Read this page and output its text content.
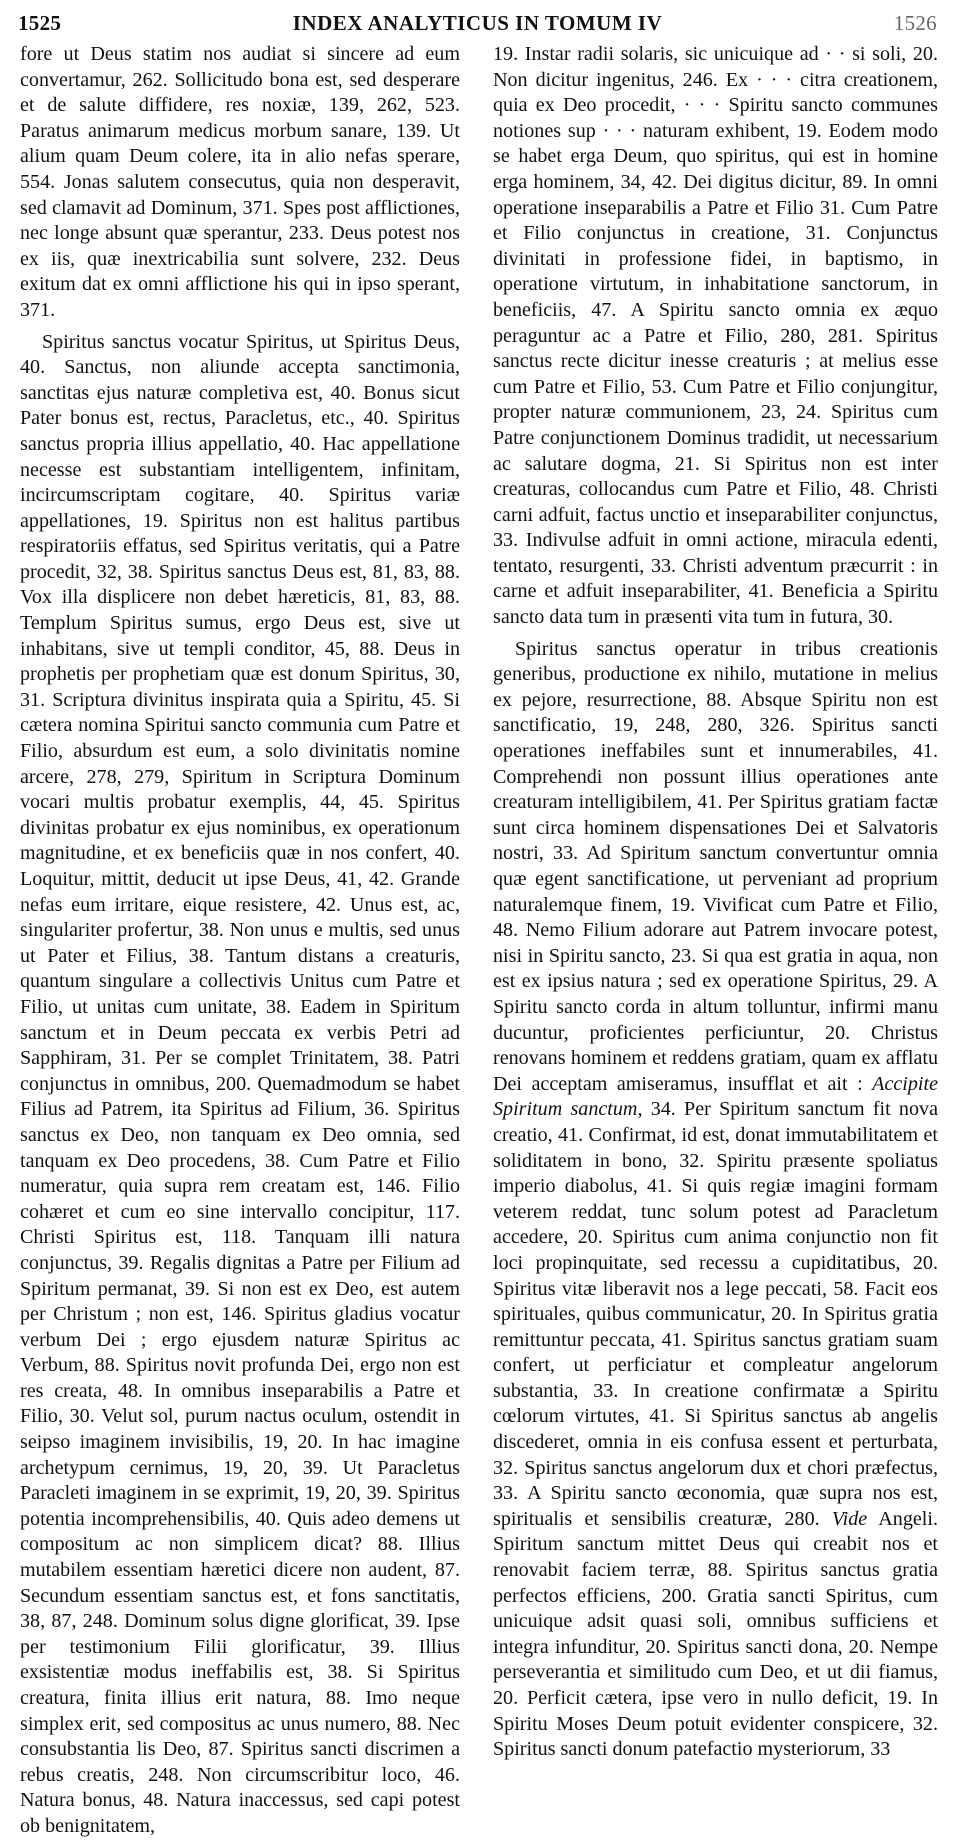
1525	INDEX ANALYTICUS IN TOMUM IV	1526

fore ut Deus statim nos audiat si sincere ad eum convertamur, 262. Sollicitudo bona est, sed desperare et de salute diffidere, res noxiæ, 139, 262, 523. Paratus animarum medicus morbum sanare, 139. Ut alium quam Deum colere, ita in alio nefas sperare, 554. Jonas salutem consecutus, quia non desperavit, sed clamavit ad Dominum, 371. Spes post afflictiones, nec longe absunt quæ sperantur, 233. Deus potest nos ex iis, quæ inextricabilia sunt solvere, 232. Deus exitum dat ex omni afflictione his qui in ipso sperant, 371.

Spiritus sanctus vocatur Spiritus, ut Spiritus Deus, 40. Sanctus, non aliunde accepta sanctimonia, sanctitas ejus naturæ completiva est, 40. Bonus sicut Pater bonus est, rectus, Paracletus, etc., 40. Spiritus sanctus propria illius appellatio, 40. Hac appellatione necesse est substantiam intelligentem, infinitam, incircumscriptam cogitare, 40. Spiritus variæ appellationes, 19. Spiritus non est halitus partibus respiratoriis effatus, sed Spiritus veritatis, qui a Patre procedit, 32, 38. Spiritus sanctus Deus est, 81, 83, 88. Vox illa displicere non debet hæreticis, 81, 83, 88. Templum Spiritus sumus, ergo Deus est, sive ut inhabitans, sive ut templi conditor, 45, 88. Deus in prophetis per prophetiam quæ est donum Spiritus, 30, 31. Scriptura divinitus inspirata quia a Spiritu, 45. Si cætera nomina Spiritui sancto communia cum Patre et Filio, absurdum est eum, a solo divinitatis nomine arcere, 278, 279, Spiritum in Scriptura Dominum vocari multis probatur exemplis, 44, 45. Spiritus divinitas probatur ex ejus nominibus, ex operationum magnitudine, et ex beneficiis quæ in nos confert, 40. Loquitur, mittit, deducit ut ipse Deus, 41, 42. Grande nefas eum irritare, eique resistere, 42. Unus est, ac, singulariter profertur, 38. Non unus e multis, sed unus ut Pater et Filius, 38. Tantum distans a creaturis, quantum singulare a collectivis Unitus cum Patre et Filio, ut unitas cum unitate, 38. Eadem in Spiritum sanctum et in Deum peccata ex verbis Petri ad Sapphiram, 31. Per se complet Trinitatem, 38. Patri conjunctus in omnibus, 200. Quemadmodum se habet Filius ad Patrem, ita Spiritus ad Filium, 36. Spiritus sanctus ex Deo, non tanquam ex Deo omnia, sed tanquam ex Deo procedens, 38. Cum Patre et Filio numeratur, quia supra rem creatam est, 146. Filio cohæret et cum eo sine intervallo concipitur, 117. Christi Spiritus est, 118. Tanquam illi natura conjunctus, 39. Regalis dignitas a Patre per Filium ad Spiritum permanat, 39. Si non est ex Deo, est autem per Christum ; non est, 146. Spiritus gladius vocatur verbum Dei ; ergo ejusdem naturæ Spiritus ac Verbum, 88. Spiritus novit profunda Dei, ergo non est res creata, 48. In omnibus inseparabilis a Patre et Filio, 30. Velut sol, purum nactus oculum, ostendit in seipso imaginem invisibilis, 19, 20. In hac imagine archetypum cernimus, 19, 20, 39. Ut Paracletus Paracleti imaginem in se exprimit, 19, 20, 39. Spiritus potentia incomprehensibilis, 40. Quis adeo demens ut compositum ac non simplicem dicat? 88. Illius mutabilem essentiam hæretici dicere non audent, 87. Secundum essentiam sanctus est, et fons sanctitatis, 38, 87, 248. Dominum solus digne glorificat, 39. Ipse per testimonium Filii glorificatur, 39. Illius exsistentiæ modus ineffabilis est, 38. Si Spiritus creatura, finita illius erit natura, 88. Imo neque simplex erit, sed compositus ac unus numero, 88. Nec consubstantia lis Deo, 87. Spiritus sancti discrimen a rebus creatis, 248. Non circumscribitur loco, 46. Natura bonus, 48. Natura inaccessus, sed capi potest ob benignitatem,

19. Instar radii solaris, sic unicuique ad · · si soli, 20. Non dicitur ingenitus, 246. Ex · · · citra creationem, quia ex Deo procedit, · · · Spiritu sancto communes notiones sup · · · naturam exhibent, 19. Eodem modo se habet erga Deum, quo spiritus, qui est in homine erga hominem, 34, 42. Dei digitus dicitur, 89. In omni operatione inseparabilis a Patre et Filio 31. Cum Patre et Filio conjunctus in creatione, 31. Conjunctus divinitati in professione fidei, in baptismo, in operatione virtutum, in inhabitatione sanctorum, in beneficiis, 47. A Spiritu sancto omnia ex æquo peraguntur ac a Patre et Filio, 280, 281. Spiritus sanctus recte dicitur inesse creaturis ; at melius esse cum Patre et Filio, 53. Cum Patre et Filio conjungitur, propter naturæ communionem, 23, 24. Spiritus cum Patre conjunctionem Dominus tradidit, ut necessarium ac salutare dogma, 21. Si Spiritus non est inter creaturas, collocandus cum Patre et Filio, 48. Christi carni adfuit, factus unctio et inseparabiliter conjunctus, 33. Indivulse adfuit in omni actione, miracula edenti, tentato, resurgenti, 33. Christi adventum præcurrit : in carne et adfuit inseparabiliter, 41. Beneficia a Spiritu sancto data tum in præsenti vita tum in futura, 30.

Spiritus sanctus operatur in tribus creationis generibus, productione ex nihilo, mutatione in melius ex pejore, resurrectione, 88. Absque Spiritu non est sanctificatio, 19, 248, 280, 326. Spiritus sancti operationes ineffabiles sunt et innumerabiles, 41. Comprehendi non possunt illius operationes ante creaturam intelligibilem, 41. Per Spiritus gratiam factæ sunt circa hominem dispensationes Dei et Salvatoris nostri, 33. Ad Spiritum sanctum convertuntur omnia quæ egent sanctificatione, ut perveniant ad proprium naturalemque finem, 19. Vivificat cum Patre et Filio, 48. Nemo Filium adorare aut Patrem invocare potest, nisi in Spiritu sancto, 23. Si qua est gratia in aqua, non est ex ipsius natura ; sed ex operatione Spiritus, 29. A Spiritu sancto corda in altum tolluntur, infirmi manu ducuntur, proficientes perficiuntur, 20. Christus renovans hominem et reddens gratiam, quam ex afflatu Dei acceptam amiseramus, insufflat et ait : Accipite Spiritum sanctum, 34. Per Spiritum sanctum fit nova creatio, 41. Confirmat, id est, donat immutabilitatem et soliditatem in bono, 32. Spiritu præsente spoliatus imperio diabolus, 41. Si quis regiæ imagini formam veterem reddat, tunc solum potest ad Paracletum accedere, 20. Spiritus cum anima conjunctio non fit loci propinquitate, sed recessu a cupiditatibus, 20. Spiritus vitæ liberavit nos a lege peccati, 58. Facit eos spirituales, quibus communicatur, 20. In Spiritus gratia remittuntur peccata, 41. Spiritus sanctus gratiam suam confert, ut perficiatur et compleatur angelorum substantia, 33. In creatione confirmatæ a Spiritu cœlorum virtutes, 41. Si Spiritus sanctus ab angelis discederet, omnia in eis confusa essent et perturbata, 32. Spiritus sanctus angelorum dux et chori præfectus, 33. A Spiritu sancto œconomia, quæ supra nos est, spiritualis et sensibilis creaturæ, 280. Vide Angeli. Spiritum sanctum mittet Deus qui creabit nos et renovabit faciem terræ, 88. Spiritus sanctus gratia perfectos efficiens, 200. Gratia sancti Spiritus, cum unicuique adsit quasi soli, omnibus sufficiens et integra infunditur, 20. Spiritus sancti dona, 20. Nempe perseverantia et similitudo cum Deo, et ut dii fiamus, 20. Perficit cætera, ipse vero in nullo deficit, 19. In Spiritu Moses Deum potuit evidenter conspicere, 32. Spiritus sancti donum patefactio mysteriorum, 33
